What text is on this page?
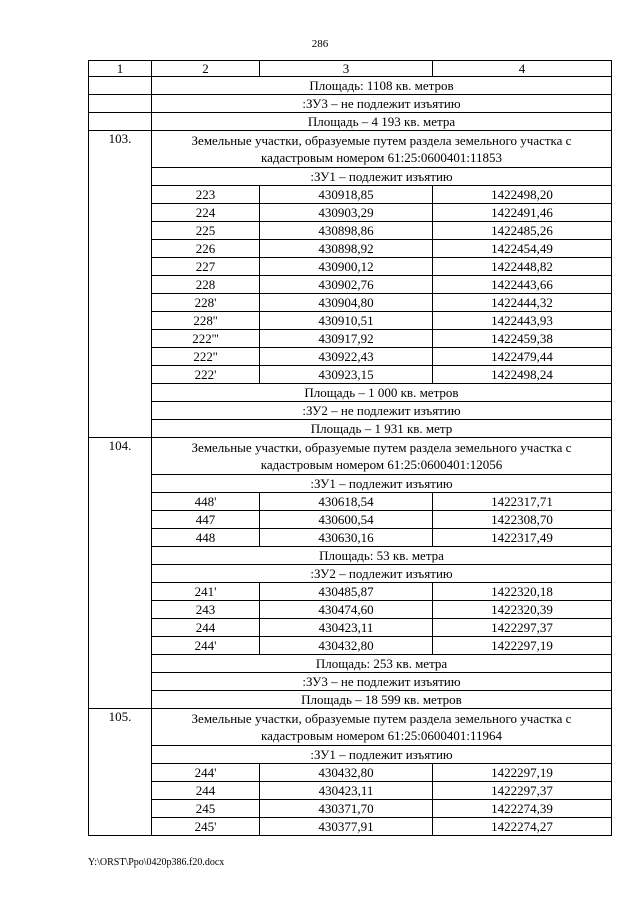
286
1	2	3	4
	Площадь: 1108 кв. метров		
	:ЗУ3 – не подлежит изъятию		
	Площадь – 4 193 кв. метра		
103.	Земельные участки, образуемые путем раздела земельного участка с кадастровым номером 61:25:0600401:11853		
	:ЗУ1 – подлежит изъятию		
	223	430918,85	1422498,20
	224	430903,29	1422491,46
	225	430898,86	1422485,26
	226	430898,92	1422454,49
	227	430900,12	1422448,82
	228	430902,76	1422443,66
	228'	430904,80	1422444,32
	228''	430910,51	1422443,93
	222'''	430917,92	1422459,38
	222''	430922,43	1422479,44
	222'	430923,15	1422498,24
	Площадь – 1 000 кв. метров		
	:ЗУ2 – не подлежит изъятию		
	Площадь – 1 931 кв. метр		
104.	Земельные участки, образуемые путем раздела земельного участка с кадастровым номером 61:25:0600401:12056		
	:ЗУ1 – подлежит изъятию		
	448'	430618,54	1422317,71
	447	430600,54	1422308,70
	448	430630,16	1422317,49
	Площадь: 53 кв. метра		
	:ЗУ2 – подлежит изъятию		
	241'	430485,87	1422320,18
	243	430474,60	1422320,39
	244	430423,11	1422297,37
	244'	430432,80	1422297,19
	Площадь: 253 кв. метра		
	:ЗУ3 – не подлежит изъятию		
	Площадь – 18 599 кв. метров		
105.	Земельные участки, образуемые путем раздела земельного участка с кадастровым номером 61:25:0600401:11964		
	:ЗУ1 – подлежит изъятию		
	244'	430432,80	1422297,19
	244	430423,11	1422297,37
	245	430371,70	1422274,39
	245'	430377,91	1422274,27
Y:\ORST\Ppo\0420p386.f20.docx
